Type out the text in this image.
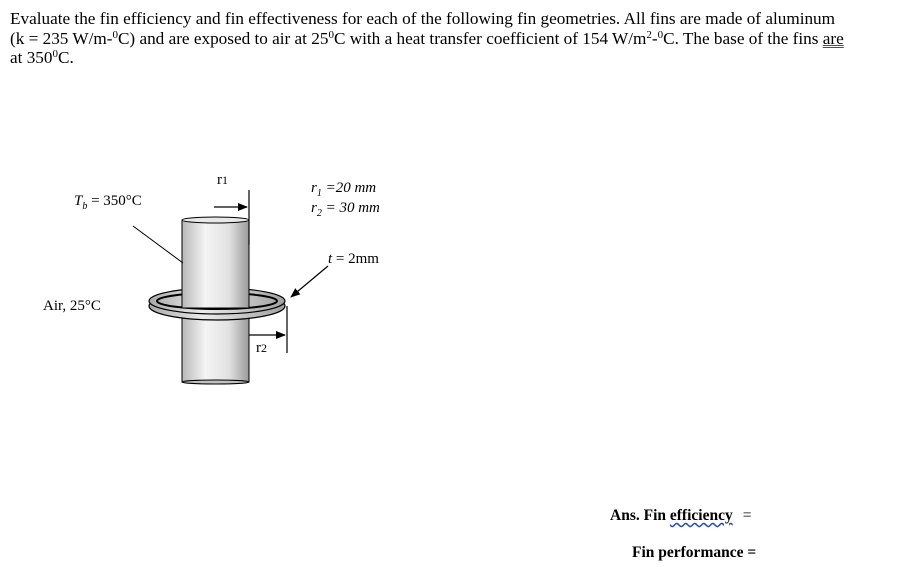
Evaluate the fin efficiency and fin effectiveness for each of the following fin geometries. All fins are made of aluminum
(k = 235 W/m-$^0$C) and are exposed to air at $25^0C$ with a heat transfer coefficient of 154 $W/m^2-^0C$. The base of the fins are
at $350^0C$.
$T_b = 350^\circ C$
Air, 25°C
r1
r2
$r_1 =20$ mm
$r_2 = 30$ mm
t = 2mm
Ans. Fin efficiency =
Fin performance =
